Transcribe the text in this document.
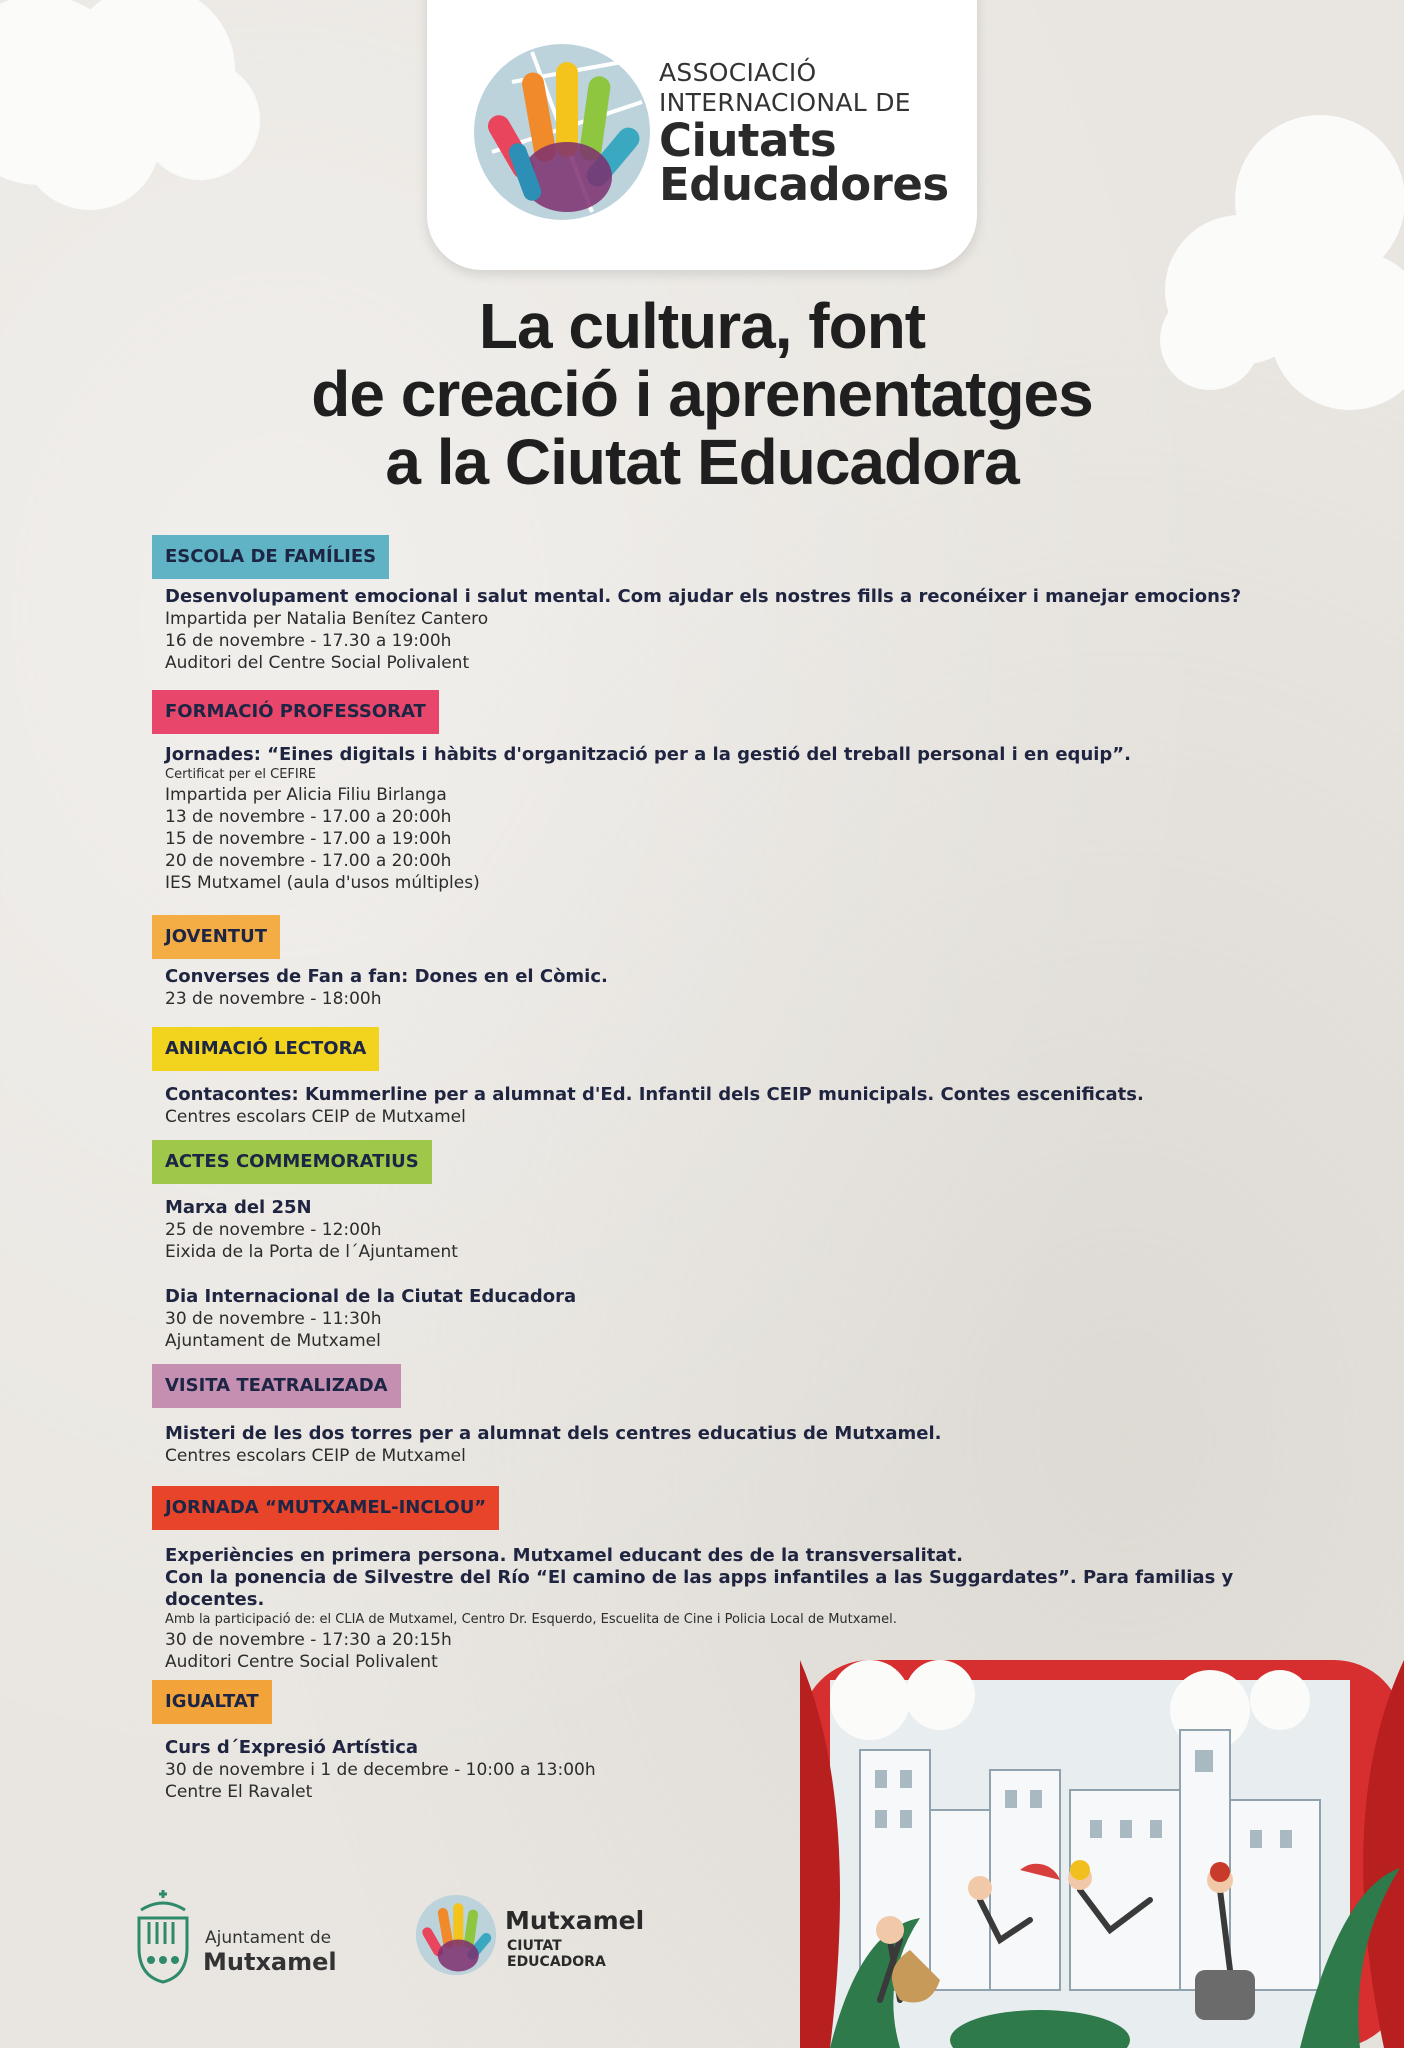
ASSOCIACIÓ
INTERNACIONAL DE
Ciutats
Educadores
La cultura, font
de creació i aprenentatges
a la Ciutat Educadora
ESCOLA DE FAMÍLIES
Desenvolupament emocional i salut mental. Com ajudar els nostres fills a reconéixer i manejar emocions?
Impartida per Natalia Benítez Cantero
16 de novembre - 17.30 a 19:00h
Auditori del Centre Social Polivalent
FORMACIÓ PROFESSORAT
Jornades: “Eines digitals i hàbits d'organització per a la gestió del treball personal i en equip”.
Certificat per el CEFIRE
Impartida per Alicia Filiu Birlanga
13 de novembre - 17.00 a 20:00h
15 de novembre - 17.00 a 19:00h
20 de novembre - 17.00 a 20:00h
IES Mutxamel (aula d'usos múltiples)
JOVENTUT
Converses de Fan a fan: Dones en el Còmic.
23 de novembre - 18:00h
ANIMACIÓ LECTORA
Contacontes: Kummerline per a alumnat d'Ed. Infantil dels CEIP municipals. Contes escenificats.
Centres escolars CEIP de Mutxamel
ACTES COMMEMORATIUS
Marxa del 25N
25 de novembre - 12:00h
Eixida de la Porta de l´Ajuntament
Dia Internacional de la Ciutat Educadora
30 de novembre - 11:30h
Ajuntament de Mutxamel
VISITA TEATRALIZADA
Misteri de les dos torres per a alumnat dels centres educatius de Mutxamel.
Centres escolars CEIP de Mutxamel
JORNADA “MUTXAMEL-INCLOU”
Experiències en primera persona. Mutxamel educant des de la transversalitat.
Con la ponencia de Silvestre del Río “El camino de las apps infantiles a las Suggardates”. Para familias y
docentes.
Amb la participació de: el CLIA de Mutxamel, Centro Dr. Esquerdo, Escuelita de Cine i Policia Local de Mutxamel.
30 de novembre - 17:30 a 20:15h
Auditori Centre Social Polivalent
IGUALTAT
Curs d´Expresió Artística
30 de novembre i 1 de decembre - 10:00 a 13:00h
Centre El Ravalet
Ajuntament de
Mutxamel
Mutxamel
CIUTAT
EDUCADORA
